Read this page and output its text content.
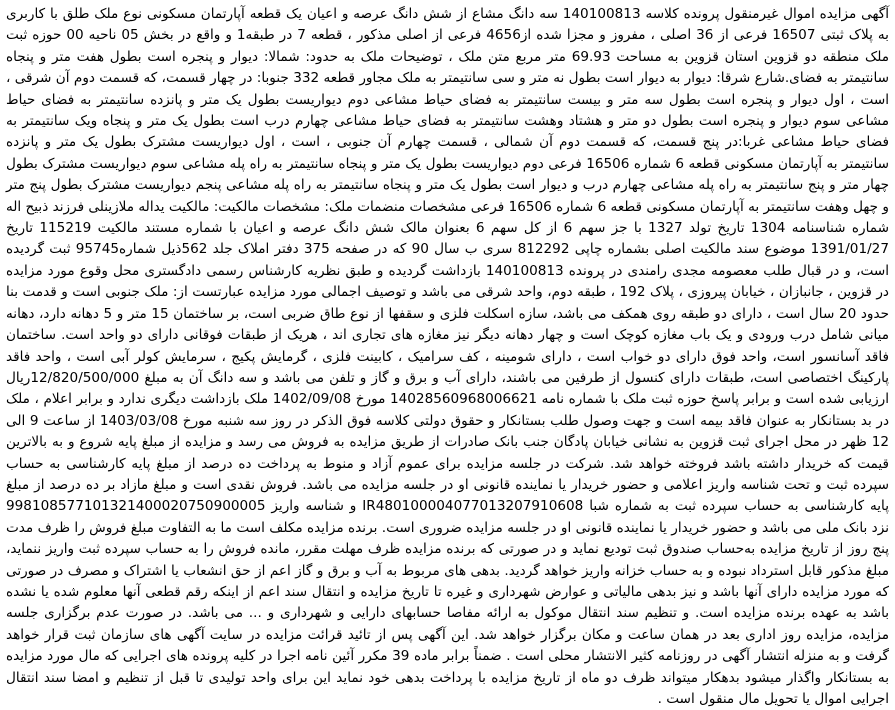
آگهی مزایده اموال غیرمنقول پرونده کلاسه 140100813 سه دانگ مشاع از شش دانگ عرصه و اعیان یک قطعه آپارتمان مسکونی نوع ملک طلق با کاربری به پلاک ثبتی 16507 فرعی از 36 اصلی ، مفروز و مجزا شده از4656 فرعی از اصلی مذکور ، قطعه 7 در طبقه1 و واقع در بخش 05 ناحیه 00 حوزه ثبت ملک منطقه دو قزوین استان قزوین به مساحت 69.93 متر مربع متن ملک ، توضیحات ملک به حدود: شمالا: دیوار و پنجره است بطول هفت متر و پنجاه سانتیمتر به فضای.شارع شرقا: دیوار به دیوار است بطول نه متر و سی سانتیمتر به ملک مجاور قطعه 332 جنوبا: در چهار قسمت، که قسمت دوم آن شرقی ، است ، اول دیوار و پنجره است بطول سه متر و بیست سانتیمتر به فضای حیاط مشاعی دوم دیواریست بطول یک متر و پانزده سانتیمتر به فضای حیاط مشاعی سوم دیوار و پنجره است بطول دو متر و هشتاد وهشت سانتیمتر به فضای حیاط مشاعی چهارم درب است بطول یک متر و پنجاه ویک سانتیمتر به فضای حیاط مشاعی غربا:در پنج قسمت، که قسمت دوم آن شمالی ، قسمت چهارم آن جنوبی ، است ، اول دیواریست مشترک بطول یک متر و پانزده سانتیمتر به آپارتمان مسکونی قطعه 6 شماره 16506 فرعی دوم دیواریست بطول یک متر و پنجاه سانتیمتر به راه پله مشاعی سوم دیواریست مشترک بطول چهار متر و پنج سانتیمتر به راه پله مشاعی چهارم درب و دیوار است بطول یک متر و پنجاه سانتیمتر به راه پله مشاعی پنجم دیواریست مشترک بطول پنج متر و چهل وهفت سانتیمتر به آپارتمان مسکونی قطعه 6 شماره 16506 فرعی مشخصات منضمات ملک: مشخصات مالکیت: مالکیت یداله ملازینلی فرزند ذبیح اله شماره شناسنامه 1304 تاریخ تولد 1327 با جز سهم 6 از کل سهم 6 بعنوان مالک شش دانگ عرصه و اعیان با شماره مستند مالکیت 115219 تاریخ 1391/01/27 موضوع سند مالکیت اصلی بشماره چاپی 812292 سری ب سال 90 که در صفحه 375 دفتر املاک جلد 562ذیل شماره95745 ثبت گردیده است، و در قبال طلب معصومه مجدی رامندی در پرونده 140100813 بازداشت گردیده و طبق نظریه کارشناس رسمی دادگستری محل وقوع مورد مزایده در قزوین ، جانبازان ، خیابان پیروزی ، پلاک 192 ، طبقه دوم، واحد شرقی می باشد و توصیف اجمالی مورد مزایده عبارتست از: ملک جنوبی است و قدمت بنا حدود 20 سال است ، دارای دو طبقه روی همکف می باشد، سازه اسکلت فلزی و سقفها از نوع طاق ضربی است، بر ساختمان 15 متر و 5 دهانه دارد، دهانه میانی شامل درب ورودی و یک باب مغازه کوچک است و چهار دهانه دیگر نیز مغازه های تجاری اند ، هریک از طبقات فوقانی دارای دو واحد است. ساختمان فاقد آسانسور است، واحد فوق دارای دو خواب است ، دارای شومینه ، کف سرامیک ، کابینت فلزی ، گرمایش پکیج ، سرمایش کولر آبی است ، واحد فاقد پارکینگ اختصاصی است، طبقات دارای کنسول از طرفین می باشند، دارای آب و برق و گاز و تلفن می باشد و سه دانگ آن به مبلغ 12/820/500/000ریال ارزیابی شده است و برابر پاسخ حوزه ثبت ملک با شماره نامه 14028560968006621 مورخ 1402/09/08 ملک بازداشت دیگری ندارد و برابر اعلام ، ملک در بد بستانکار به عنوان فاقد بیمه است و جهت وصول طلب بستانکار و حقوق دولتی کلاسه فوق الذکر در روز سه شنبه مورخ 1403/03/08 از ساعت 9 الی 12 ظهر در محل اجرای ثبت قزوین به نشانی خیابان پادگان جنب بانک صادرات از طریق مزایده به فروش می رسد و مزایده از مبلغ پایه شروع و به بالاترین قیمت که خریدار داشته باشد فروخته خواهد شد. شرکت در جلسه مزایده برای عموم آزاد و منوط به پرداخت ده درصد از مبلغ پایه کارشناسی به حساب سپرده ثبت و تحت شناسه واریز اعلامی و حضور خریدار یا نماینده قانونی او در جلسه مزایده می باشد. فروش نقدی است و مبلغ مازاد بر ده درصد از مبلغ پایه کارشناسی به حساب سپرده ثبت به شماره شبا IR480100004077013207910608 و شناسه واریز 998108577101321400020750900005 نزد بانک ملی می باشد و حضور خریدار یا نماینده قانونی او در جلسه مزایده ضروری است. برنده مزایده مکلف است ما به التفاوت مبلغ فروش را ظرف مدت پنج روز از تاریخ مزایده به‌حساب صندوق ثبت تودیع نماید و در صورتی که برنده مزایده ظرف مهلت مقرر، مانده فروش را به حساب سپرده ثبت واریز ننماید، مبلغ مذکور قابل استرداد نبوده و به حساب خزانه واریز خواهد گردید. بدهی های مربوط به آب و برق و گاز اعم از حق انشعاب یا اشتراک و مصرف در صورتی که مورد مزایده دارای آنها باشد و نیز بدهی مالیاتی و عوارض شهرداری و غیره تا تاریخ مزایده و انتقال سند اعم از اینکه رقم قطعی آنها معلوم شده یا نشده باشد به عهده برنده مزایده است. و تنظیم سند انتقال موکول به ارائه مفاصا حسابهای دارایی و شهرداری و ... می باشد. در صورت عدم برگزاری جلسه مزایده، مزایده روز اداری بعد در همان ساعت و مکان برگزار خواهد شد. این آگهی پس از تائید قرائت مزایده در سایت آگهی های سازمان ثبت قرار خواهد گرفت و به منزله انتشار آگهی در روزنامه کثیر الانتشار محلی است . ضمناً برابر ماده 39 مکرر آئین نامه اجرا در کلیه پرونده های اجرایی که مال مورد مزایده به بستانکار واگذار میشود بدهکار میتواند ظرف دو ماه از تاریخ مزایده با پرداخت بدهی خود نماید این برای واحد تولیدی تا قبل از تنظیم و امضا سند انتقال اجرایی اموال یا تحویل مال منقول است .
